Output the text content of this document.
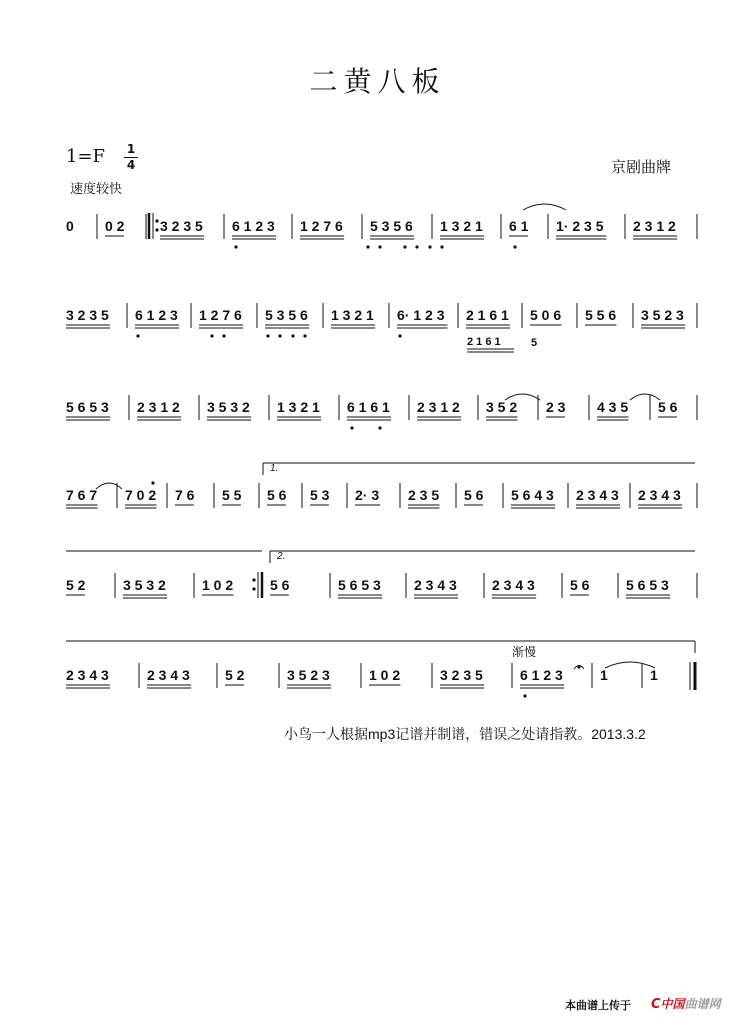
二黄八板
1=F 1
4
速度较快
京剧曲牌
0 0 2	3 2 3 5 6 1 2 3 1 2 7 6 5 3 5 6 1 3 2 1 6 1 1· 2 3 5 2 3 1 2
3 2 3 5 6 1 2 3 1 2 7 6 5 3 5 6 1 3 2 1 6· 1 2 3 2 1 6 1 5 0 6 5 5 6 3 5 2 3
5 6 5 3 2 3 1 2 3 5 3 2 1 3 2 1 6 1 6 1 2 3 1 2 3 5 2 2 3 4 3 5 5 6
7 6 7 7 0 2 7 6 5 5 5 6 5 3 2· 3 2 3 5 5 6 5 6 4 3 2 3 4 3 2 3 4 3
5 2	3 5 3 2	1 0 2	5 6	5 6 5 3 2 3 4 3	2 3 4 3	5 6	5 6 5 3
2 3 4 3	2 3 4 3	5 2	3 5 2 3	1 0 2	3 2 3 5	6 1 2 3	1	1
2 1 6 1	5
1.
2.
渐慢
小鸟一人根据mp3记谱并制谱，错误之处请指教。2013.3.2
本曲谱上传于 C中国曲谱网
